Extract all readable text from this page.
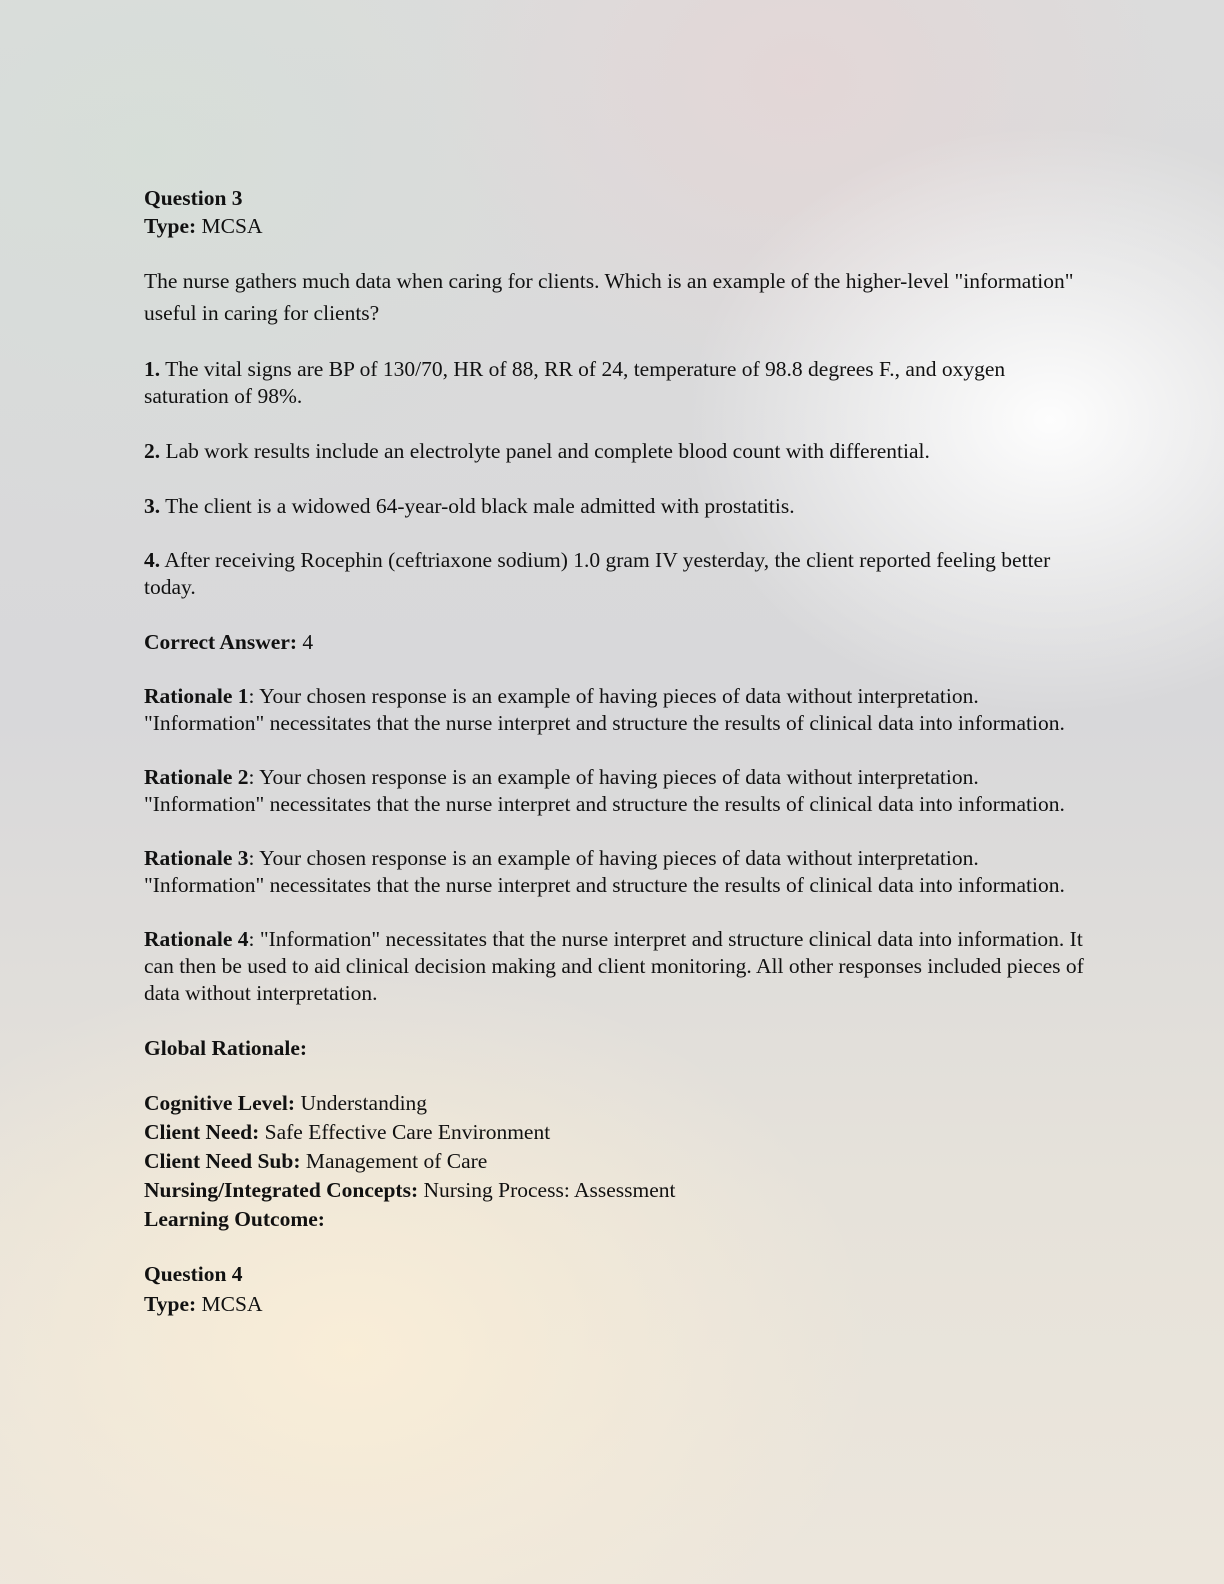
Question 3

Type: MCSA

The nurse gathers much data when caring for clients. Which is an example of the higher-level "information" useful in caring for clients?

1. The vital signs are BP of 130/70, HR of 88, RR of 24, temperature of 98.8 degrees F., and oxygen saturation of 98%.

2. Lab work results include an electrolyte panel and complete blood count with differential.

3. The client is a widowed 64-year-old black male admitted with prostatitis.

4. After receiving Rocephin (ceftriaxone sodium) 1.0 gram IV yesterday, the client reported feeling better today.

Correct Answer: 4

Rationale 1: Your chosen response is an example of having pieces of data without interpretation. "Information" necessitates that the nurse interpret and structure the results of clinical data into information.

Rationale 2: Your chosen response is an example of having pieces of data without interpretation. "Information" necessitates that the nurse interpret and structure the results of clinical data into information.

Rationale 3: Your chosen response is an example of having pieces of data without interpretation. "Information" necessitates that the nurse interpret and structure the results of clinical data into information.

Rationale 4: "Information" necessitates that the nurse interpret and structure clinical data into information. It can then be used to aid clinical decision making and client monitoring. All other responses included pieces of data without interpretation.

Global Rationale:

Cognitive Level: Understanding

Client Need: Safe Effective Care Environment

Client Need Sub: Management of Care

Nursing/Integrated Concepts: Nursing Process: Assessment

Learning Outcome:

Question 4

Type: MCSA
